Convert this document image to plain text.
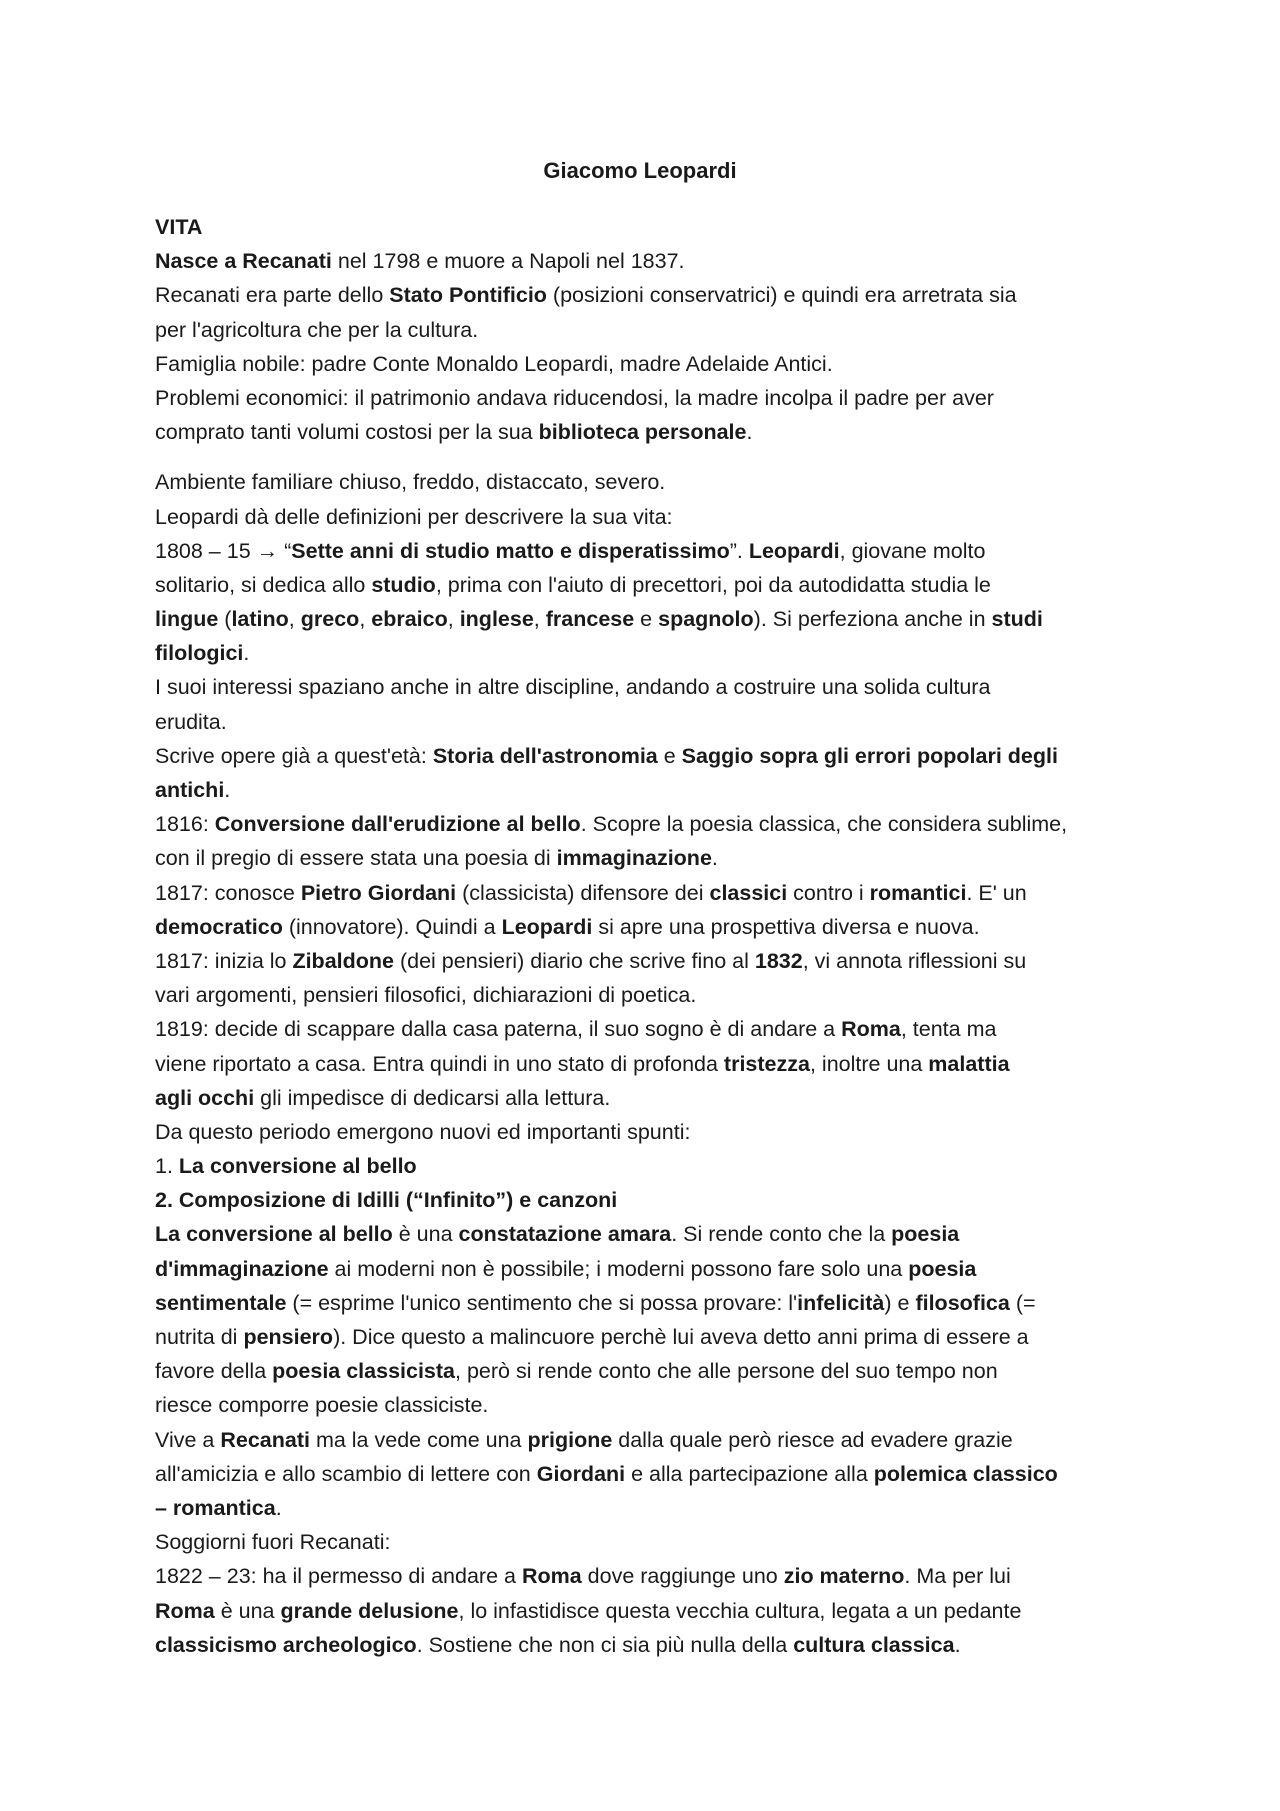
Giacomo Leopardi
VITA
Nasce a Recanati nel 1798 e muore a Napoli nel 1837.
Recanati era parte dello Stato Pontificio (posizioni conservatrici) e quindi era arretrata sia
per l'agricoltura che per la cultura.
Famiglia nobile: padre Conte Monaldo Leopardi, madre Adelaide Antici.
Problemi economici: il patrimonio andava riducendosi, la madre incolpa il padre per aver
comprato tanti volumi costosi per la sua biblioteca personale.
Ambiente familiare chiuso, freddo, distaccato, severo.
Leopardi dà delle definizioni per descrivere la sua vita:
1808 – 15 → “Sette anni di studio matto e disperatissimo”. Leopardi, giovane molto
solitario, si dedica allo studio, prima con l'aiuto di precettori, poi da autodidatta studia le
lingue (latino, greco, ebraico, inglese, francese e spagnolo). Si perfeziona anche in studi
filologici.
I suoi interessi spaziano anche in altre discipline, andando a costruire una solida cultura
erudita.
Scrive opere già a quest'età: Storia dell'astronomia e Saggio sopra gli errori popolari degli
antichi.
1816: Conversione dall'erudizione al bello. Scopre la poesia classica, che considera sublime,
con il pregio di essere stata una poesia di immaginazione.
1817: conosce Pietro Giordani (classicista) difensore dei classici contro i romantici. E' un
democratico (innovatore). Quindi a Leopardi si apre una prospettiva diversa e nuova.
1817: inizia lo Zibaldone (dei pensieri) diario che scrive fino al 1832, vi annota riflessioni su
vari argomenti, pensieri filosofici, dichiarazioni di poetica.
1819: decide di scappare dalla casa paterna, il suo sogno è di andare a Roma, tenta ma
viene riportato a casa. Entra quindi in uno stato di profonda tristezza, inoltre una malattia
agli occhi gli impedisce di dedicarsi alla lettura.
Da questo periodo emergono nuovi ed importanti spunti:
1. La conversione al bello
2. Composizione di Idilli (“Infinito”) e canzoni
La conversione al bello è una constatazione amara. Si rende conto che la poesia
d'immaginazione ai moderni non è possibile; i moderni possono fare solo una poesia
sentimentale (= esprime l'unico sentimento che si possa provare: l'infelicità) e filosofica (=
nutrita di pensiero). Dice questo a malincuore perchè lui aveva detto anni prima di essere a
favore della poesia classicista, però si rende conto che alle persone del suo tempo non
riesce comporre poesie classiciste.
Vive a Recanati ma la vede come una prigione dalla quale però riesce ad evadere grazie
all'amicizia e allo scambio di lettere con Giordani e alla partecipazione alla polemica classico
– romantica.
Soggiorni fuori Recanati:
1822 – 23: ha il permesso di andare a Roma dove raggiunge uno zio materno. Ma per lui
Roma è una grande delusione, lo infastidisce questa vecchia cultura, legata a un pedante
classicismo archeologico. Sostiene che non ci sia più nulla della cultura classica.
